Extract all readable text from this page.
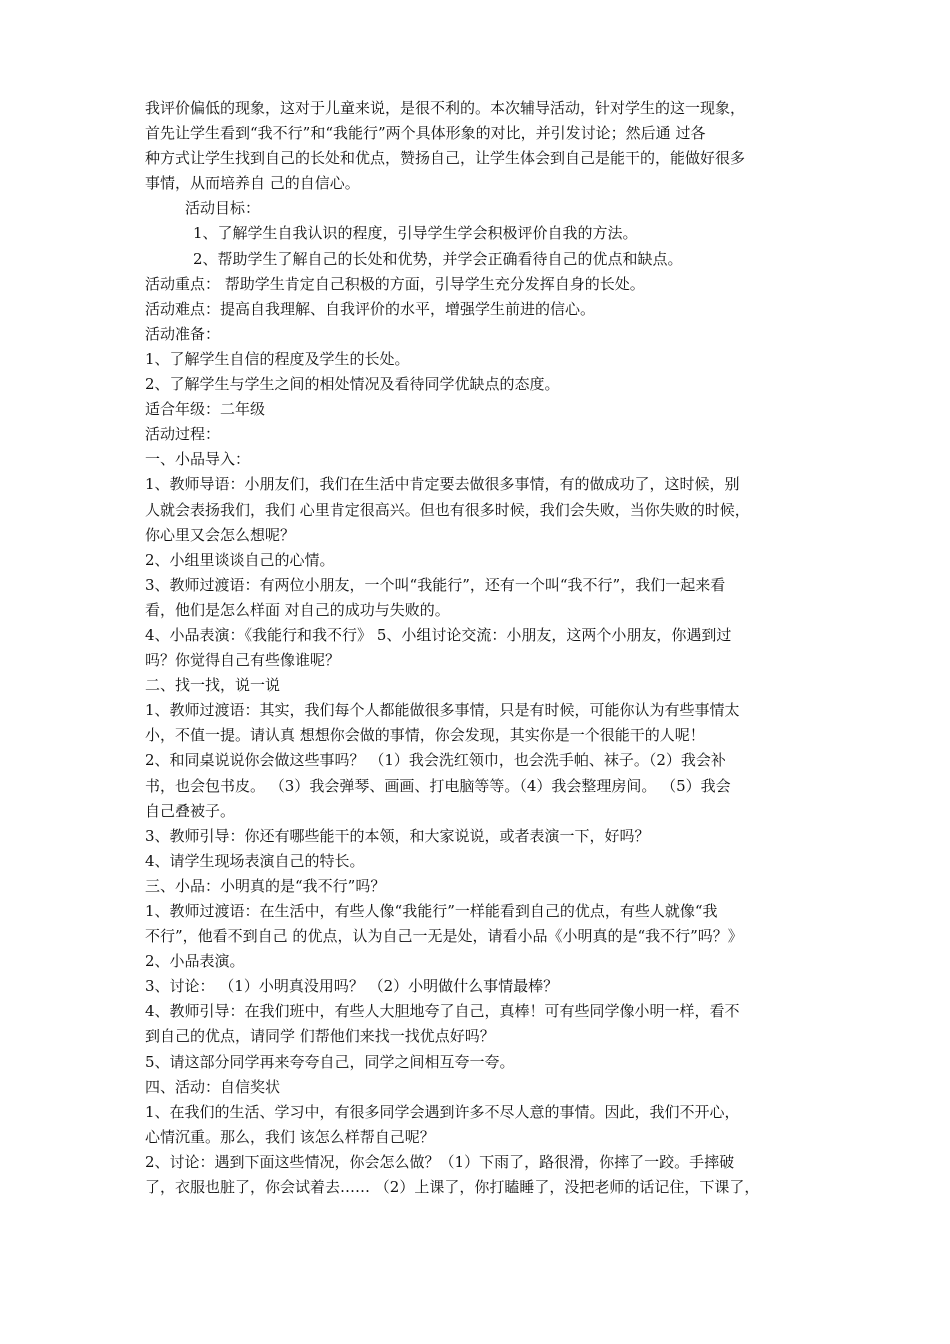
我评价偏低的现象，这对于儿童来说，是很不利的。本次辅导活动，针对学生的这一现象，
首先让学生看到“我不行”和“我能行”两个具体形象的对比，并引发讨论；然后通 过各
种方式让学生找到自己的长处和优点，赞扬自己，让学生体会到自己是能干的，能做好很多
事情，从而培养自 己的自信心。
活动目标：
1、了解学生自我认识的程度，引导学生学会积极评价自我的方法。
2、帮助学生了解自己的长处和优势，并学会正确看待自己的优点和缺点。
活动重点： 帮助学生肯定自己积极的方面，引导学生充分发挥自身的长处。
活动难点：提高自我理解、自我评价的水平，增强学生前进的信心。
活动准备：
1、了解学生自信的程度及学生的长处。
2、了解学生与学生之间的相处情况及看待同学优缺点的态度。
适合年级：二年级
活动过程：
一、小品导入：
1、教师导语：小朋友们，我们在生活中肯定要去做很多事情，有的做成功了，这时候，别
人就会表扬我们，我们 心里肯定很高兴。但也有很多时候，我们会失败，当你失败的时候，
你心里又会怎么想呢？
2、小组里谈谈自己的心情。
3、教师过渡语：有两位小朋友，一个叫“我能行”，还有一个叫“我不行”，我们一起来看
看，他们是怎么样面 对自己的成功与失败的。
4、小品表演：《我能行和我不行》 5、小组讨论交流：小朋友，这两个小朋友，你遇到过
吗？你觉得自己有些像谁呢？
二、找一找，说一说
1、教师过渡语：其实，我们每个人都能做很多事情，只是有时候，可能你认为有些事情太
小，不值一提。请认真 想想你会做的事情，你会发现，其实你是一个很能干的人呢！
2、和同桌说说你会做这些事吗？ （1）我会洗红领巾，也会洗手帕、袜子。（2）我会补
书，也会包书皮。 （3）我会弹琴、画画、打电脑等等。（4）我会整理房间。 （5）我会
自己叠被子。
3、教师引导：你还有哪些能干的本领，和大家说说，或者表演一下，好吗？
4、请学生现场表演自己的特长。
三、小品：小明真的是“我不行”吗？
1、教师过渡语：在生活中，有些人像“我能行”一样能看到自己的优点，有些人就像“我
不行”，他看不到自己 的优点，认为自己一无是处，请看小品《小明真的是“我不行”吗？》
2、小品表演。
3、讨论： （1）小明真没用吗？ （2）小明做什么事情最棒？
4、教师引导：在我们班中，有些人大胆地夸了自己，真棒！可有些同学像小明一样，看不
到自己的优点，请同学 们帮他们来找一找优点好吗？
5、请这部分同学再来夸夸自己，同学之间相互夸一夸。
四、活动：自信奖状
1、在我们的生活、学习中，有很多同学会遇到许多不尽人意的事情。因此，我们不开心，
心情沉重。那么，我们 该怎么样帮自己呢？
2、讨论：遇到下面这些情况，你会怎么做？（1）下雨了，路很滑，你摔了一跤。手摔破
了，衣服也脏了，你会试着去…… （2）上课了，你打瞌睡了，没把老师的话记住，下课了，
